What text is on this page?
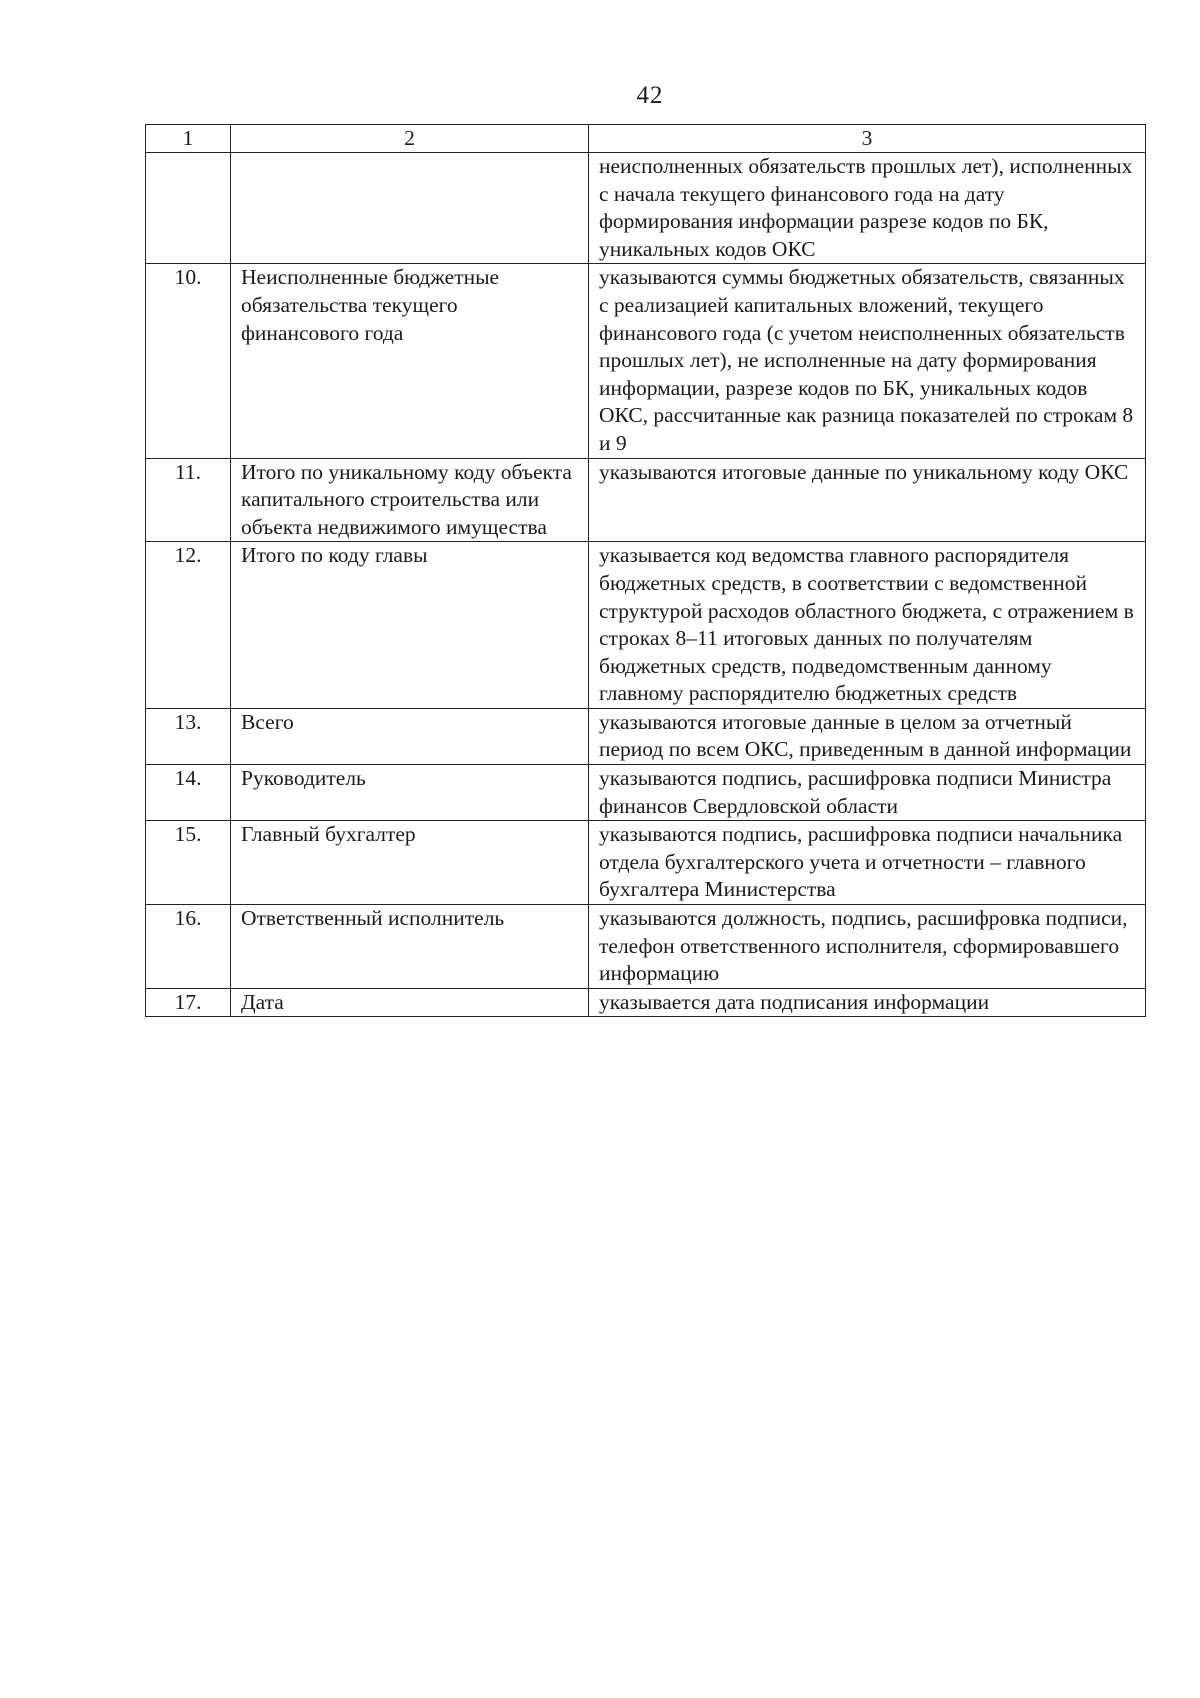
42
1	2	3
		неисполненных обязательств прошлых лет), исполненных с начала текущего финансового года на дату формирования информации разрезе кодов по БК, уникальных кодов ОКС
10.	Неисполненные бюджетные обязательства текущего финансового года	указываются суммы бюджетных обязательств, связанных с реализацией капитальных вложений, текущего финансового года (с учетом неисполненных обязательств прошлых лет), не исполненные на дату формирования информации, разрезе кодов по БК, уникальных кодов ОКС, рассчитанные как разница показателей по строкам 8 и 9
11.	Итого по уникальному коду объекта капитального строительства или объекта недвижимого имущества	указываются итоговые данные по уникальному коду ОКС
12.	Итого по коду главы	указывается код ведомства главного распорядителя бюджетных средств, в соответствии с ведомственной структурой расходов областного бюджета, с отражением в строках 8–11 итоговых данных по получателям бюджетных средств, подведомственным данному главному распорядителю бюджетных средств
13.	Всего	указываются итоговые данные в целом за отчетный период по всем ОКС, приведенным в данной информации
14.	Руководитель	указываются подпись, расшифровка подписи Министра финансов Свердловской области
15.	Главный бухгалтер	указываются подпись, расшифровка подписи начальника отдела бухгалтерского учета и отчетности – главного бухгалтера Министерства
16.	Ответственный исполнитель	указываются должность, подпись, расшифровка подписи, телефон ответственного исполнителя, сформировавшего информацию
17.	Дата	указывается дата подписания информации
